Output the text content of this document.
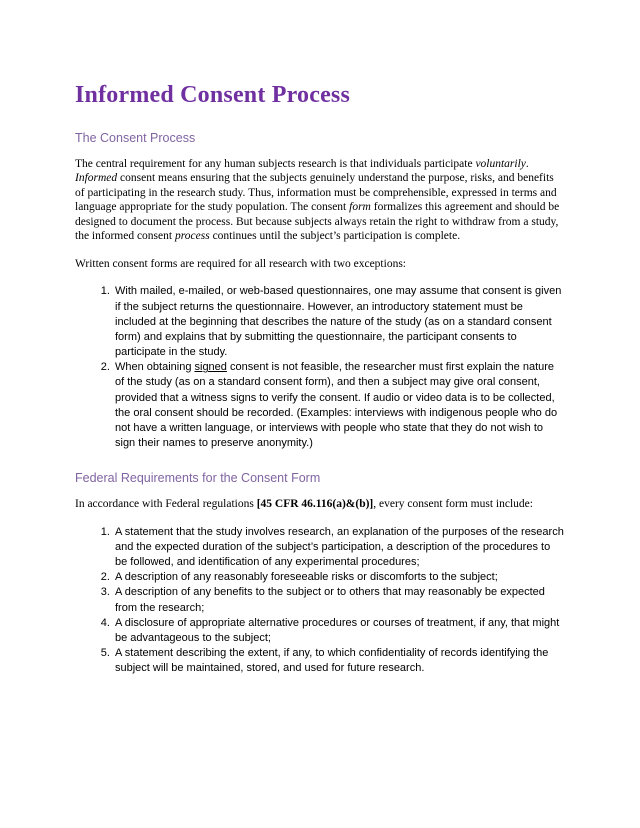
Informed Consent Process
The Consent Process

The central requirement for any human subjects research is that individuals participate voluntarily. Informed consent means ensuring that the subjects genuinely understand the purpose, risks, and benefits of participating in the research study. Thus, information must be comprehensible, expressed in terms and language appropriate for the study population. The consent form formalizes this agreement and should be designed to document the process. But because subjects always retain the right to withdraw from a study, the informed consent process continues until the subject’s participation is complete.

Written consent forms are required for all research with two exceptions:

1. With mailed, e-mailed, or web-based questionnaires, one may assume that consent is given if the subject returns the questionnaire. However, an introductory statement must be included at the beginning that describes the nature of the study (as on a standard consent form) and explains that by submitting the questionnaire, the participant consents to participate in the study.
2. When obtaining signed consent is not feasible, the researcher must first explain the nature of the study (as on a standard consent form), and then a subject may give oral consent, provided that a witness signs to verify the consent. If audio or video data is to be collected, the oral consent should be recorded. (Examples: interviews with indigenous people who do not have a written language, or interviews with people who state that they do not wish to sign their names to preserve anonymity.)
Federal Requirements for the Consent Form

In accordance with Federal regulations [45 CFR 46.116(a)&(b)], every consent form must include:

1. A statement that the study involves research, an explanation of the purposes of the research and the expected duration of the subject’s participation, a description of the procedures to be followed, and identification of any experimental procedures;
2. A description of any reasonably foreseeable risks or discomforts to the subject;
3. A description of any benefits to the subject or to others that may reasonably be expected from the research;
4. A disclosure of appropriate alternative procedures or courses of treatment, if any, that might be advantageous to the subject;
5. A statement describing the extent, if any, to which confidentiality of records identifying the subject will be maintained, stored, and used for future research.
